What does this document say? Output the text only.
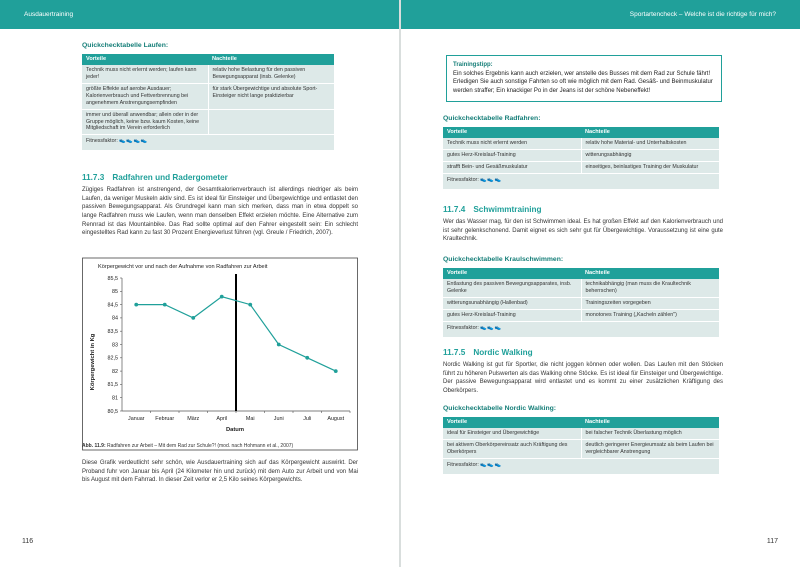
Ausdauertraining
Quickchecktabelle Laufen:
Vorteile	Nachteile
Technik muss nicht erlernt werden; laufen kann jeder!	relativ hohe Belastung für den passiven Bewegungsapparat (insb. Gelenke)
größte Effekte auf aerobe Ausdauer; Kalorienverbrauch und Fettverbrennung bei angenehmem Anstrengungsempfinden	für stark Übergewichtige und absolute Sport-Einsteiger nicht lange praktizierbar
immer und überall anwendbar; allein oder in der Gruppe möglich, keine bzw. kaum Kosten, keine Mitgliedschaft im Verein erforderlich	
Fitnessfaktor: 👟👟👟👟	
11.7.3 Radfahren und Radergometer

Zügiges Radfahren ist anstrengend, der Gesamtkalorienverbrauch ist allerdings niedriger als beim Laufen, da weniger Muskeln aktiv sind. Es ist ideal für Einsteiger und Übergewichtige und entlastet den passiven Bewegungsapparat. Als Grundregel kann man sich merken, dass man in etwa doppelt so lange Radfahren muss wie Laufen, wenn man denselben Effekt erzielen möchte. Eine Alternative zum Rennrad ist das Mountainbike. Das Rad sollte optimal auf den Fahrer eingestellt sein: Ein schlecht eingestelltes Rad kann zu fast 30 Prozent Energieverlust führen (vgl. Greule / Friedrich, 2007).

Körpergewicht vor und nach der Aufnahme von Radfahren zur Arbeit
Körpergewicht in Kg
Datum
85,5
85
84,5
84
83,5
83
82,5
82
81,5
81
80,5
Januar Februar März	April	Mai	Juni	Juli	August
Abb. 11.9: Radfahren zur Arbeit – Mit dem Rad zur Schule?! (mod. nach Hohmann et al., 2007)

Diese Grafik verdeutlicht sehr schön, wie Ausdauertraining sich auf das Körpergewicht auswirkt. Der Proband fuhr von Januar bis April (24 Kilometer hin und zurück) mit dem Auto zur Arbeit und von Mai bis August mit dem Fahrrad. In dieser Zeit verlor er 2,5 Kilo seines Körpergewichts.

116
Sportartencheck – Welche ist die richtige für mich?
Trainingstipp:
Ein solches Ergebnis kann auch erzielen, wer anstelle des Busses mit dem Rad zur Schule fährt! Erledigen Sie auch sonstige Fahrten so oft wie möglich mit dem Rad. Gesäß- und Beinmuskulatur werden straffer; Ein knackiger Po in der Jeans ist der schöne Nebeneffekt!
Quickchecktabelle Radfahren:
Vorteile	Nachteile
Technik muss nicht erlernt werden	relativ hohe Material- und Unterhaltskosten
gutes Herz-Kreislauf-Training	witterungsabhängig
strafft Bein- und Gesäßmuskulatur	einseitiges, beinlastiges Training der Muskulatur
Fitnessfaktor: 👟👟👟	
11.7.4 Schwimmtraining

Wer das Wasser mag, für den ist Schwimmen ideal. Es hat großen Effekt auf den Kalorienverbrauch und ist sehr gelenkschonend. Damit eignet es sich sehr gut für Übergewichtige. Voraussetzung ist eine gute Kraultechnik.

Quickchecktabelle Kraulschwimmen:
Vorteile	Nachteile
Entlastung des passiven Bewegungsapparates, insb. Gelenke	technikabhängig (man muss die Kraultechnik beherrschen)
witterungsunabhängig (Hallenbad)	Trainingszeiten vorgegeben
gutes Herz-Kreislauf-Training	monotones Training („Kacheln zählen")
Fitnessfaktor: 👟👟👟	
11.7.5 Nordic Walking

Nordic Walking ist gut für Sportler, die nicht joggen können oder wollen. Das Laufen mit den Stöcken führt zu höheren Pulswerten als das Walking ohne Stöcke. Es ist ideal für Einsteiger und Übergewichtige. Der passive Bewegungsapparat wird entlastet und es kommt zu einer zusätzlichen Kräftigung des Oberkörpers.

Quickchecktabelle Nordic Walking:
Vorteile	Nachteile
ideal für Einsteiger und Übergewichtige	bei falscher Technik Überlastung möglich
bei aktivem Oberkörpereinsatz auch Kräftigung des Oberkörpers	deutlich geringerer Energieumsatz als beim Laufen bei vergleichbarer Anstrengung
Fitnessfaktor: 👟👟👟	
117
